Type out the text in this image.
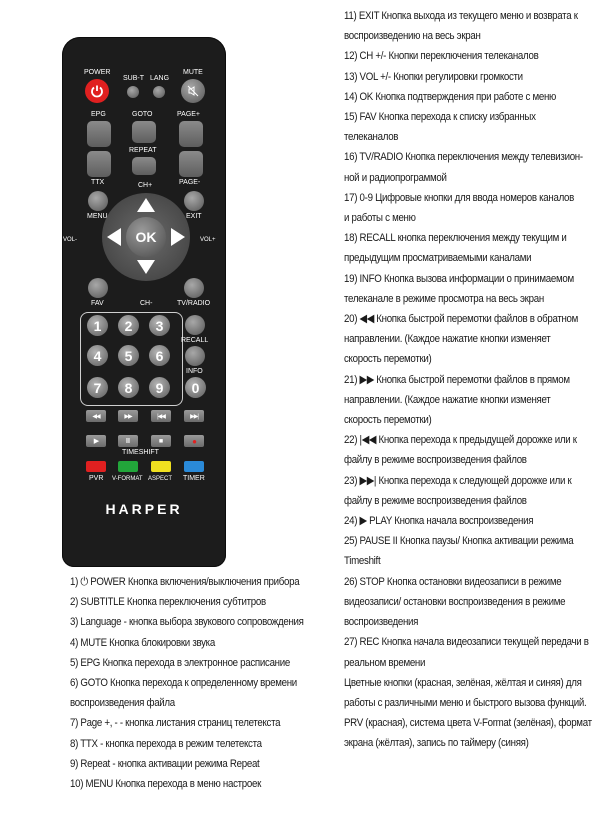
POWER
SUB-T LANG
MUTE
EPG	GOTO	PAGE+
REPEAT
TTX	PAGE-
CH+
OK
MENU	EXIT
VOL-	VOL+
FAV	CH-	TV/RADIO
1	2	3
4	5	6
7	8	9	0
RECALL
INFO
◀◀	▶▶	|◀◀	▶▶|
▶	II	■	●
TIMESHIFT
PVR V-FORMAT ASPECT TIMER
HARPER
1) ⏻ POWER Кнопка включения/выключения прибора
2) SUBTITLE Кнопка переключения субтитров
3) Language - кнопка выбора звукового сопровождения
4) MUTE Кнопка блокировки звука
5) EPG Кнопка перехода в электронное расписание
6) GOTO Кнопка перехода к определенному времени
воспроизведения файла
7) Page +, - - кнопка листания страниц телетекста
8) TTX - кнопка перехода в режим телетекста
9) Repeat - кнопка активации режима Repeat
10) MENU Кнопка перехода в меню настроек
11) EXIT Кнопка выхода из текущего меню и возврата к
воспроизведению на весь экран
12) CH +/- Кнопки переключения телеканалов
13) VOL +/- Кнопки регулировки громкости
14) OK Кнопка подтверждения при работе с меню
15) FAV Кнопка перехода к списку избранных
телеканалов
16) TV/RADIO Кнопка переключения между телевизион-
ной и радиопрограммой
17) 0-9 Цифровые кнопки для ввода номеров каналов
и работы с меню
18) RECALL кнопка переключения между текущим и
предыдущим просматриваемыми каналами
19) INFO Кнопка вызова информации о принимаемом
телеканале в режиме просмотра на весь экран
20) ◀◀ Кнопка быстрой перемотки файлов в обратном
направлении. (Каждое нажатие кнопки изменяет
скорость перемотки)
21) ▶▶ Кнопка быстрой перемотки файлов в прямом
направлении. (Каждое нажатие кнопки изменяет
скорость перемотки)
22) |◀◀ Кнопка перехода к предыдущей дорожке или к
файлу в режиме воспроизведения файлов
23) ▶▶| Кнопка перехода к следующей дорожке или к
файлу в режиме воспроизведения файлов
24) ▶ PLAY Кнопка начала воспроизведения
25) PAUSE II Кнопка паузы/ Кнопка активации режима
Timeshift
26) STOP Кнопка остановки видеозаписи в режиме
видеозаписи/ остановки воспроизведения в режиме
воспроизведения
27) REC Кнопка начала видеозаписи текущей передачи в
реальном времени
Цветные кнопки (красная, зелёная, жёлтая и синяя) для
работы с различными меню и быстрого вызова функций.
PRV (красная), система цвета V-Format (зелёная), формат
экрана (жёлтая), запись по таймеру (синяя)
